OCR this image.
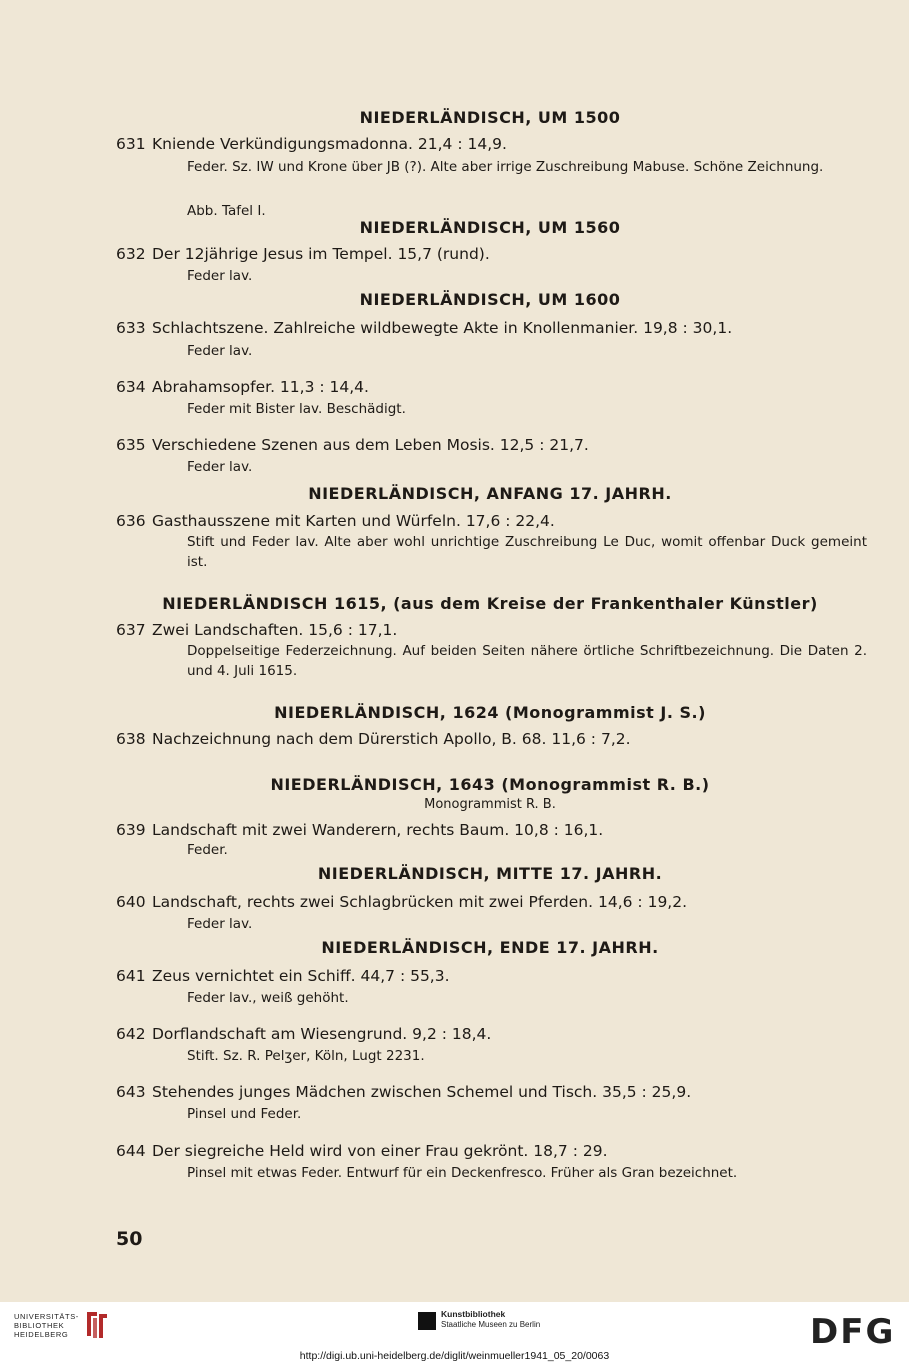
NIEDERLÄNDISCH, UM 1500
631 Kniende Verkündigungsmadonna. 21,4 : 14,9.
Feder. Sz. IW und Krone über JB (?). Alte aber irrige Zuschreibung Mabuse. Schöne Zeichnung.
Abb. Tafel I.
NIEDERLÄNDISCH, UM 1560
632 Der 12jährige Jesus im Tempel. 15,7 (rund).
Feder lav.
NIEDERLÄNDISCH, UM 1600
633 Schlachtszene. Zahlreiche wildbewegte Akte in Knollenmanier. 19,8 : 30,1.
Feder lav.
634 Abrahamsopfer. 11,3 : 14,4.
Feder mit Bister lav. Beschädigt.
635 Verschiedene Szenen aus dem Leben Mosis. 12,5 : 21,7.
Feder lav.
NIEDERLÄNDISCH, ANFANG 17. JAHRH.
636 Gasthausszene mit Karten und Würfeln. 17,6 : 22,4.
Stift und Feder lav. Alte aber wohl unrichtige Zuschreibung Le Duc, womit offenbar Duck gemeint ist.
NIEDERLÄNDISCH 1615, (aus dem Kreise der Frankenthaler Künstler)
637 Zwei Landschaften. 15,6 : 17,1.
Doppelseitige Federzeichnung. Auf beiden Seiten nähere örtliche Schriftbezeichnung. Die Daten 2. und 4. Juli 1615.
NIEDERLÄNDISCH, 1624 (Monogrammist J. S.)
638 Nachzeichnung nach dem Dürerstich Apollo, B. 68. 11,6 : 7,2.
NIEDERLÄNDISCH, 1643 (Monogrammist R. B.)
Monogrammist R. B.
639 Landschaft mit zwei Wanderern, rechts Baum. 10,8 : 16,1.
Feder.
NIEDERLÄNDISCH, MITTE 17. JAHRH.
640 Landschaft, rechts zwei Schlagbrücken mit zwei Pferden. 14,6 : 19,2.
Feder lav.
NIEDERLÄNDISCH, ENDE 17. JAHRH.
641 Zeus vernichtet ein Schiff. 44,7 : 55,3.
Feder lav., weiß gehöht.
642 Dorflandschaft am Wiesengrund. 9,2 : 18,4.
Stift. Sz. R. Pelʒer, Köln, Lugt 2231.
643 Stehendes junges Mädchen zwischen Schemel und Tisch. 35,5 : 25,9.
Pinsel und Feder.
644 Der siegreiche Held wird von einer Frau gekrönt. 18,7 : 29.
Pinsel mit etwas Feder. Entwurf für ein Deckenfresco. Früher als Gran bezeichnet.
50
UNIVERSITÄTS-
BIBLIOTHEK
HEIDELBERG
Kunstbibliothek
Staatliche Museen zu Berlin	DFG
http://digi.ub.uni-heidelberg.de/diglit/weinmueller1941_05_20/0063
